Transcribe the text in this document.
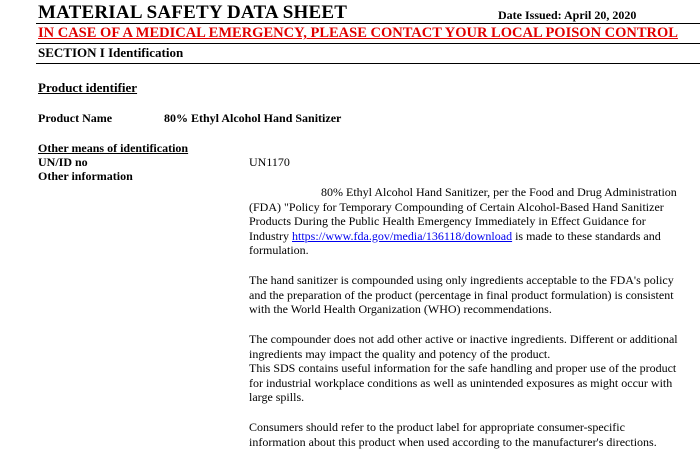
MATERIAL SAFETY DATA SHEET	Date Issued: April 20, 2020
IN CASE OF A MEDICAL EMERGENCY, PLEASE CONTACT YOUR LOCAL POISON CONTROL
SECTION I Identification
Product identifier
Product Name	80% Ethyl Alcohol Hand Sanitizer
Other means of identification
UN/ID no	UN1170
Other information

80% Ethyl Alcohol Hand Sanitizer, per the Food and Drug Administration (FDA) "Policy for Temporary Compounding of Certain Alcohol-Based Hand Sanitizer Products During the Public Health Emergency Immediately in Effect Guidance for Industry https://www.fda.gov/media/136118/download is made to these standards and formulation.

The hand sanitizer is compounded using only ingredients acceptable to the FDA's policy and the preparation of the product (percentage in final product formulation) is consistent with the World Health Organization (WHO) recommendations.

The compounder does not add other active or inactive ingredients. Different or additional ingredients may impact the quality and potency of the product.

This SDS contains useful information for the safe handling and proper use of the product for industrial workplace conditions as well as unintended exposures as might occur with large spills.

Consumers should refer to the product label for appropriate consumer-specific information about this product when used according to the manufacturer's directions.
